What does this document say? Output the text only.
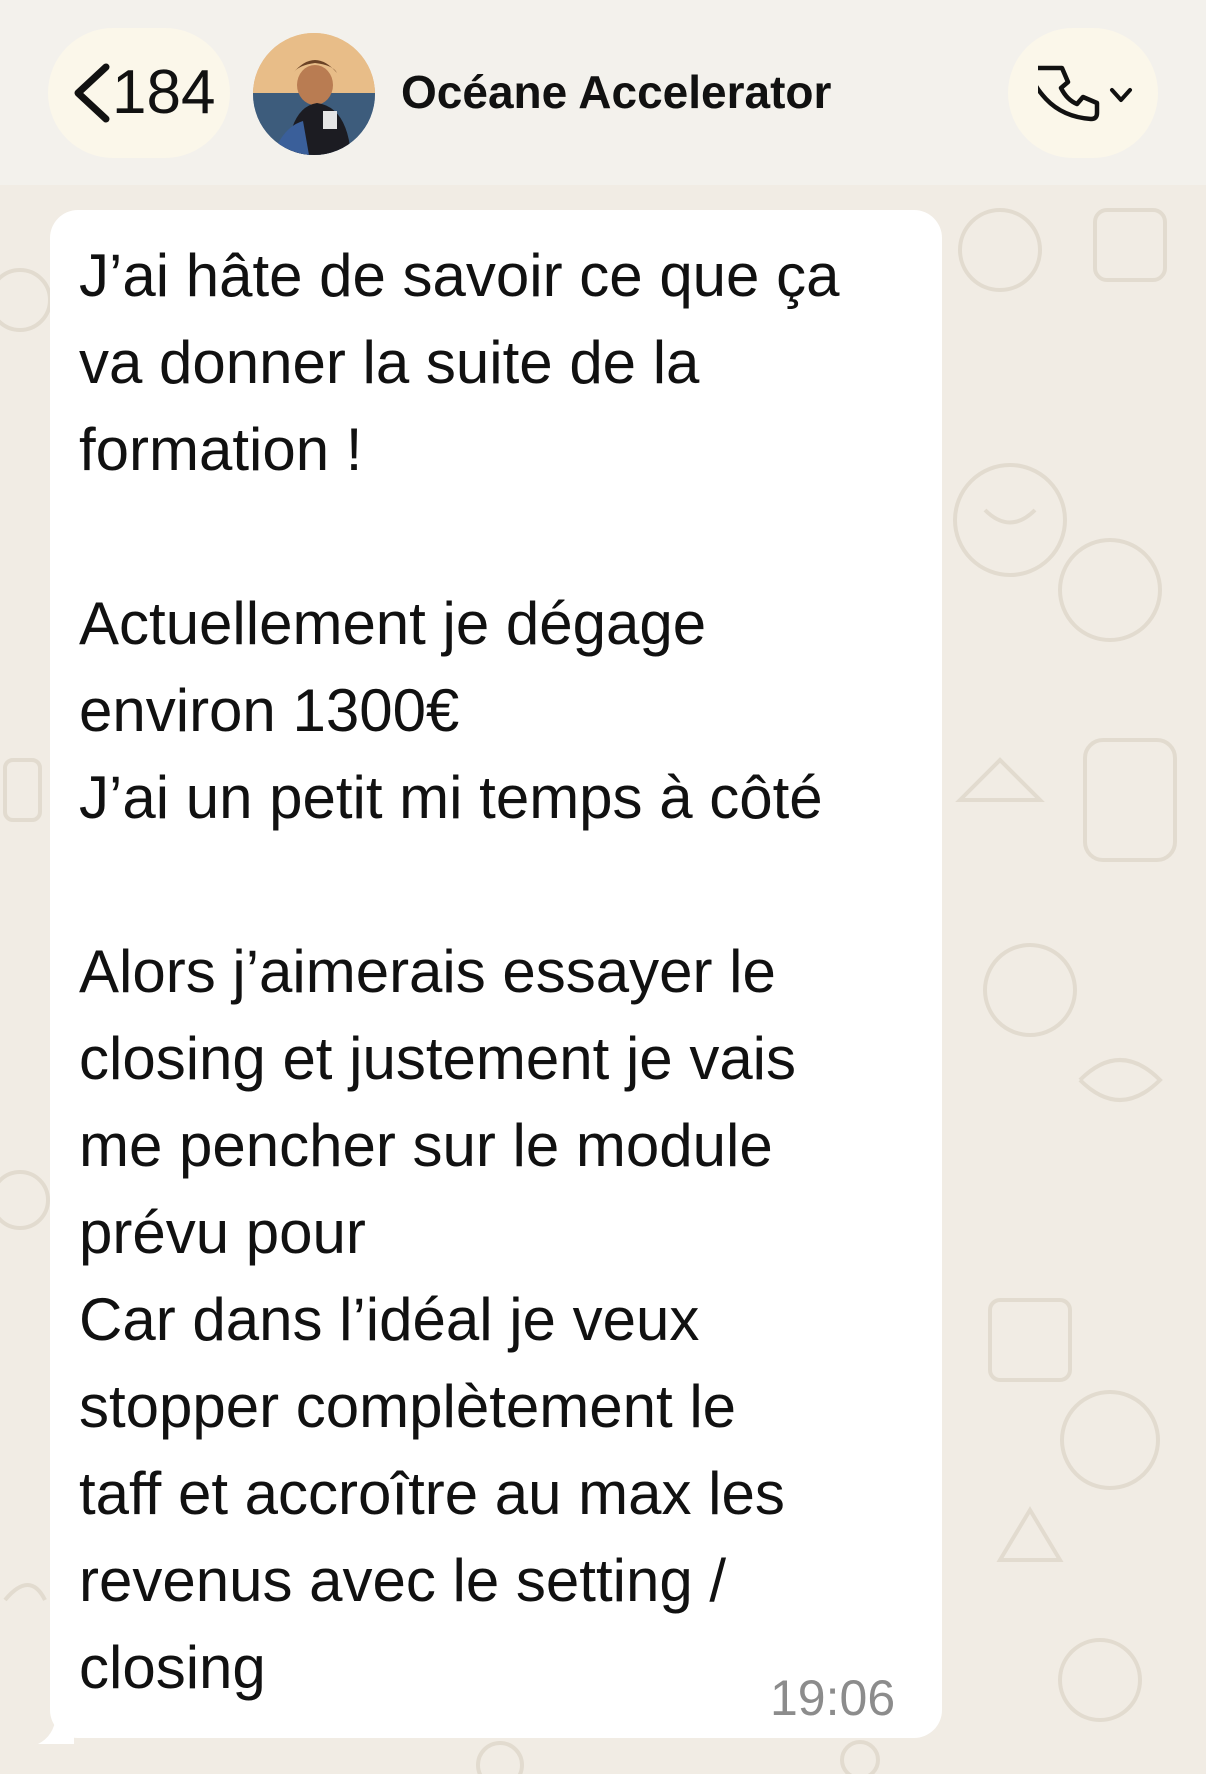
184	Océane Accelerator

J’ai hâte de savoir ce que ça
va donner la suite de la
formation !

Actuellement je dégage
environ 1300€
J’ai un petit mi temps à côté

Alors j’aimerais essayer le
closing et justement je vais
me pencher sur le module
prévu pour
Car dans l’idéal je veux
stopper complètement le
taff et accroître au max les
revenus avec le setting /
closing	19:06
